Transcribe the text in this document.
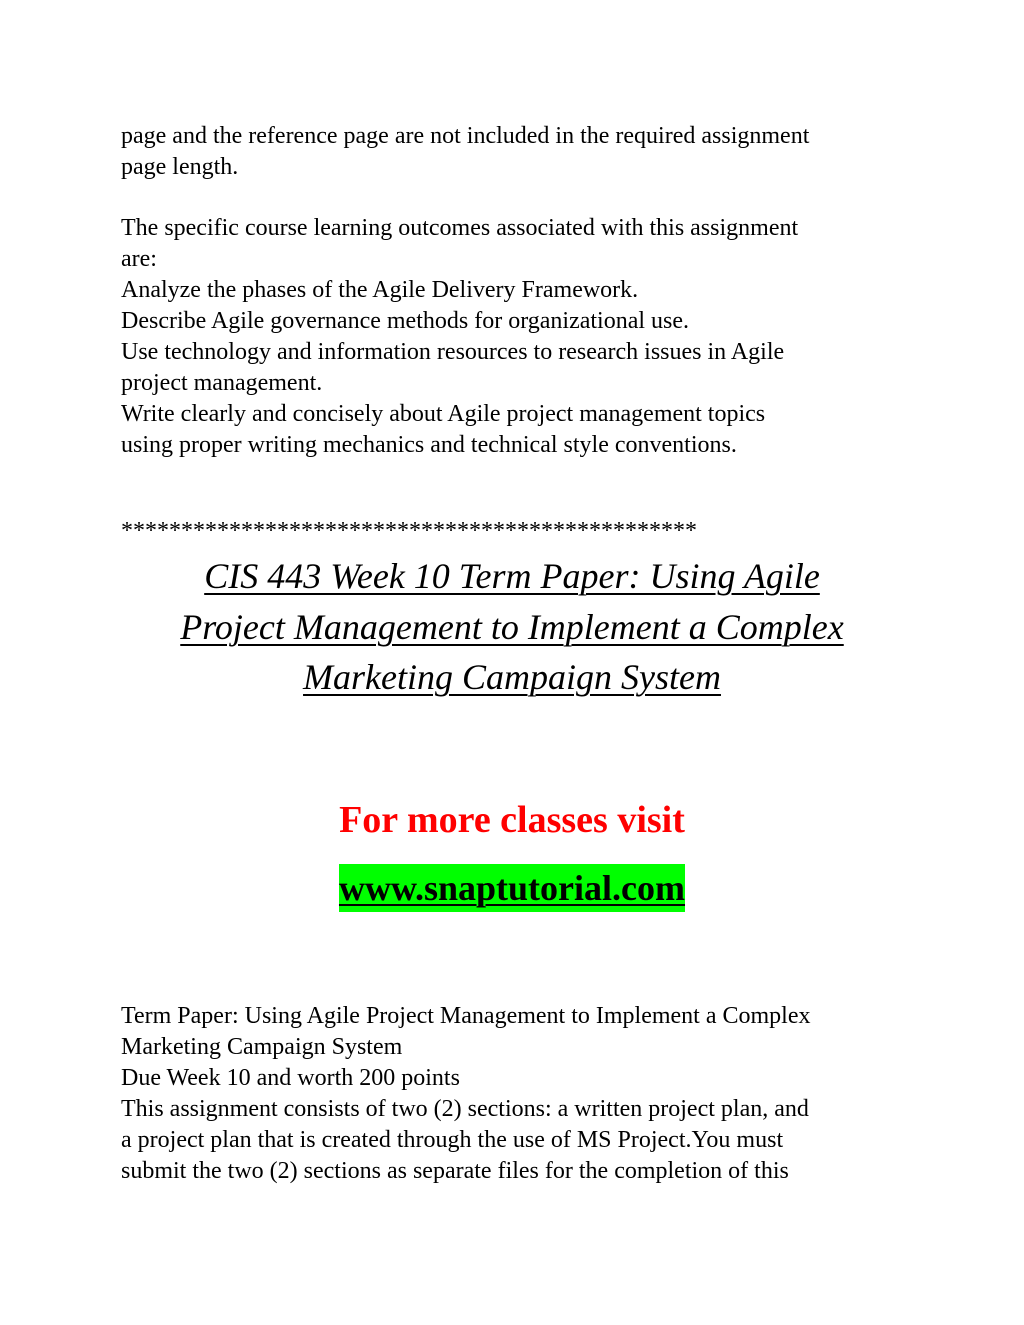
page and the reference page are not included in the required assignment
page length.
The specific course learning outcomes associated with this assignment
are:
Analyze the phases of the Agile Delivery Framework.
Describe Agile governance methods for organizational use.
Use technology and information resources to research issues in Agile
project management.
Write clearly and concisely about Agile project management topics
using proper writing mechanics and technical style conventions.
************************************************
CIS 443 Week 10 Term Paper: Using Agile
Project Management to Implement a Complex
Marketing Campaign System
For more classes visit
www.snaptutorial.com
Term Paper: Using Agile Project Management to Implement a Complex
Marketing Campaign System
Due Week 10 and worth 200 points
This assignment consists of two (2) sections: a written project plan, and
a project plan that is created through the use of MS Project.You must
submit the two (2) sections as separate files for the completion of this
